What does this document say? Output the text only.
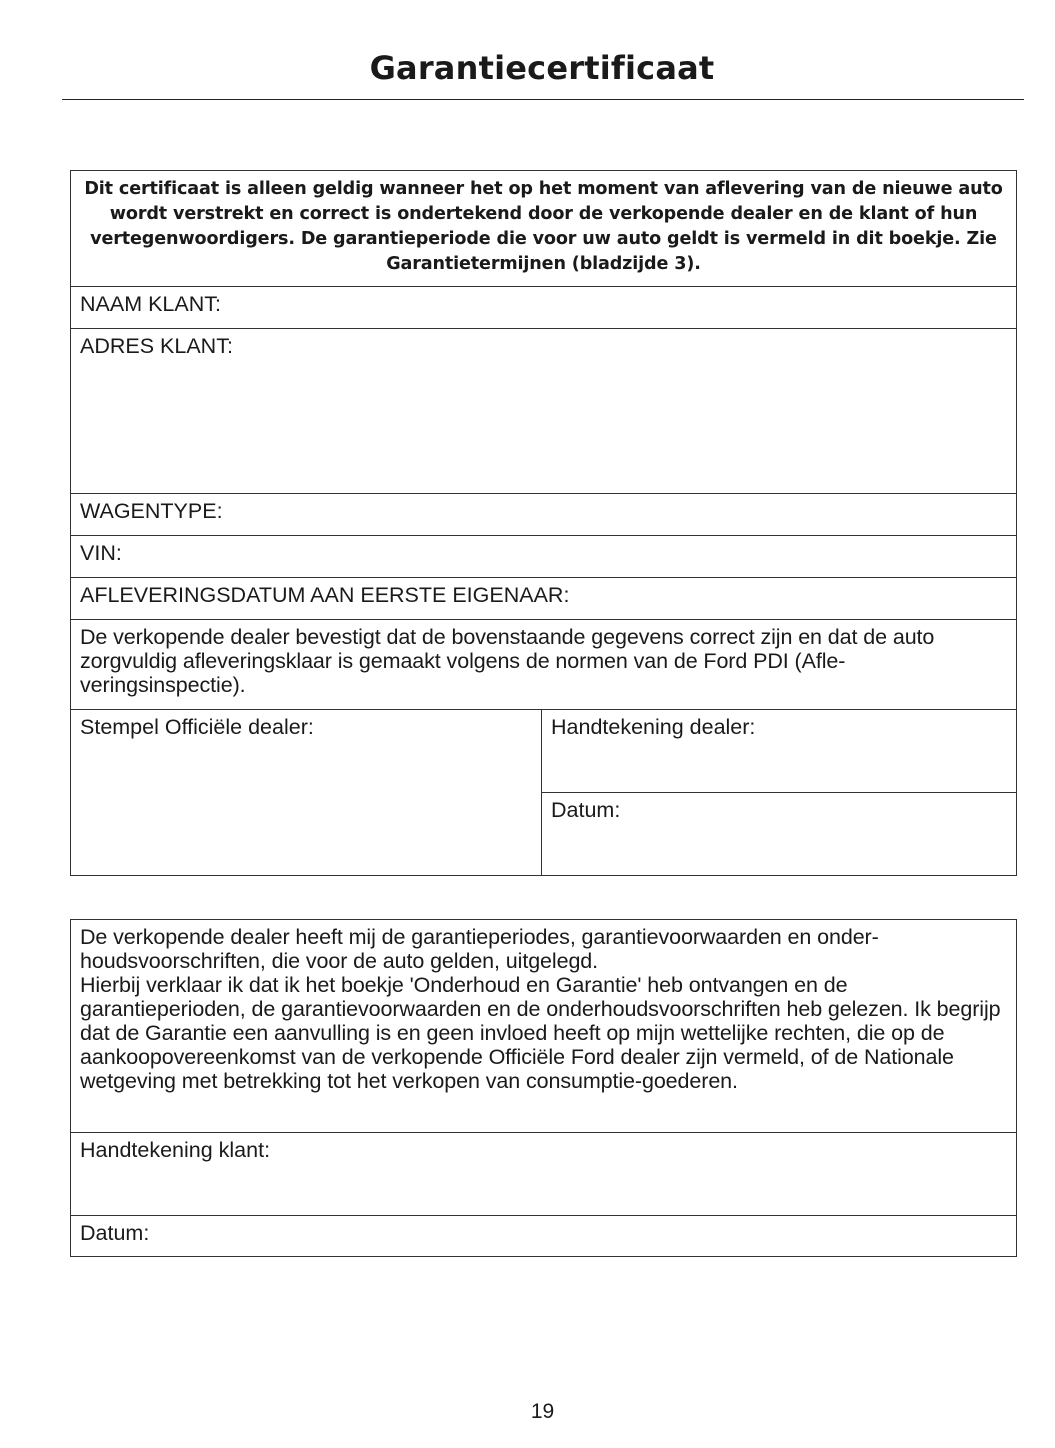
Garantiecertificaat
Dit certificaat is alleen geldig wanneer het op het moment van aflevering van de nieuwe auto wordt verstrekt en correct is ondertekend door de verkopende dealer en de klant of hun vertegenwoordigers. De garantieperiode die voor uw auto geldt is vermeld in dit boekje. Zie Garantietermijnen (bladzijde 3).
NAAM KLANT:
ADRES KLANT:
WAGENTYPE:
VIN:
AFLEVERINGSDATUM AAN EERSTE EIGENAAR:
De verkopende dealer bevestigt dat de bovenstaande gegevens correct zijn en dat de auto zorgvuldig afleveringsklaar is gemaakt volgens de normen van de Ford PDI (Afle-veringsinspectie).
Stempel Officiële dealer:	Handtekening dealer:
Datum:
De verkopende dealer heeft mij de garantieperiodes, garantievoorwaarden en onder-houdsvoorschriften, die voor de auto gelden, uitgelegd.
Hierbij verklaar ik dat ik het boekje 'Onderhoud en Garantie' heb ontvangen en de garantieperioden, de garantievoorwaarden en de onderhoudsvoorschriften heb gelezen. Ik begrijp dat de Garantie een aanvulling is en geen invloed heeft op mijn wettelijke rechten, die op de aankoopovereenkomst van de verkopende Officiële Ford dealer zijn vermeld, of de Nationale wetgeving met betrekking tot het verkopen van consumptie-goederen.

Handtekening klant:
Datum:
19
